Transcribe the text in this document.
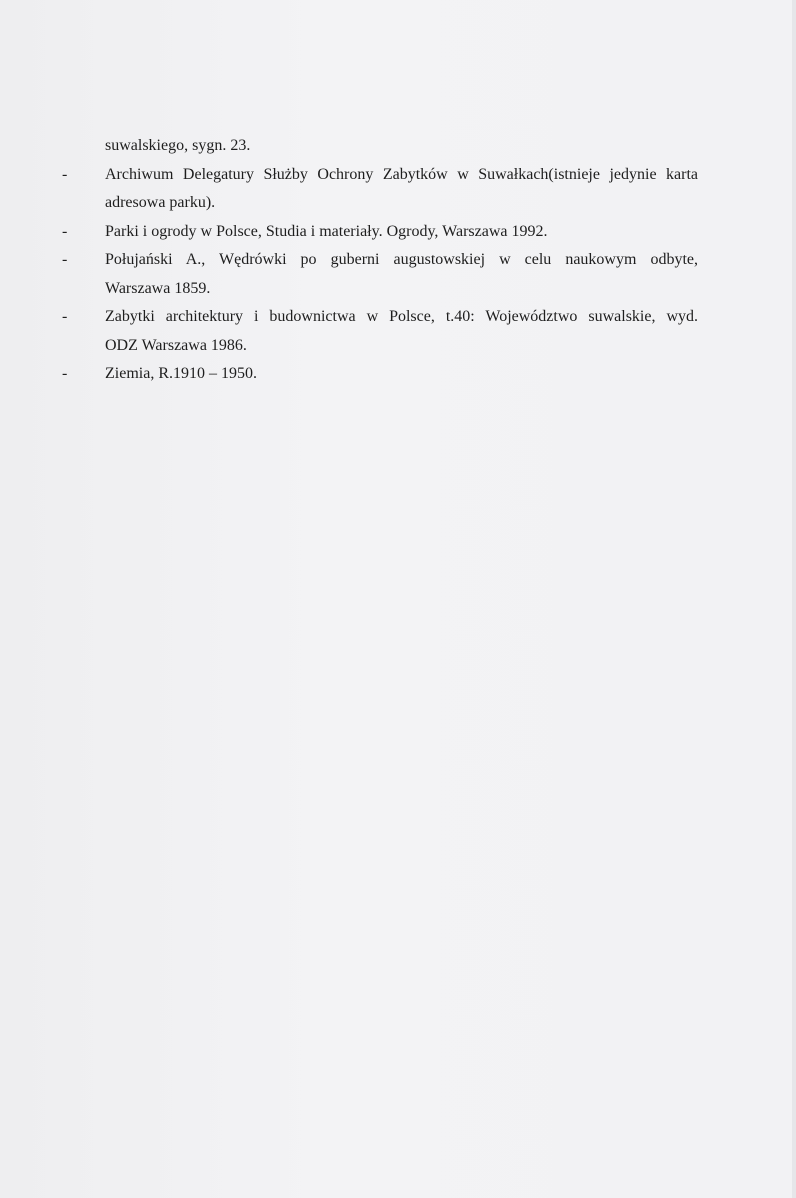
suwalskiego, sygn. 23.
-	Archiwum Delegatury Służby Ochrony Zabytków w Suwałkach(istnieje jedynie karta
adresowa parku).
-	Parki i ogrody w Polsce, Studia i materiały. Ogrody, Warszawa 1992.
-	Połujański A., Wędrówki po guberni augustowskiej w celu naukowym odbyte,
Warszawa 1859.
-	Zabytki architektury i budownictwa w Polsce, t.40: Województwo suwalskie, wyd.
ODZ Warszawa 1986.
-	Ziemia, R.1910 – 1950.
